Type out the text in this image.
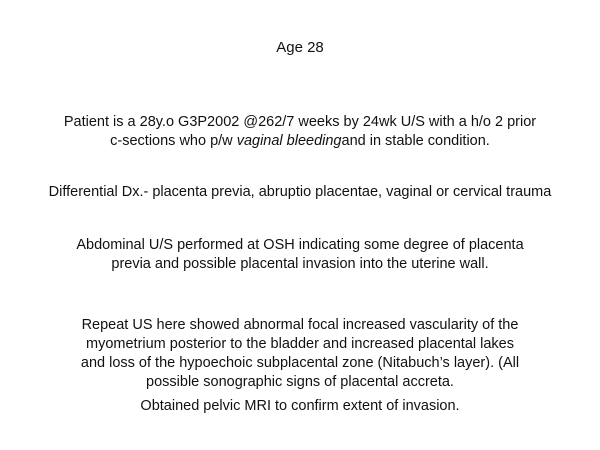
Age 28
Patient is a 28y.o G3P2002 @262/7 weeks by 24wk U/S with a h/o 2 prior
c-sections who p/w vaginal bleedingand in stable condition.
Differential Dx.- placenta previa, abruptio placentae, vaginal or cervical trauma
Abdominal U/S performed at OSH indicating some degree of placenta
previa and possible placental invasion into the uterine wall.
Repeat US here showed abnormal focal increased vascularity of the
myometrium posterior to the bladder and increased placental lakes
and loss of the hypoechoic subplacental zone (Nitabuch’s layer). (All
possible sonographic signs of placental accreta.
Obtained pelvic MRI to confirm extent of invasion.
